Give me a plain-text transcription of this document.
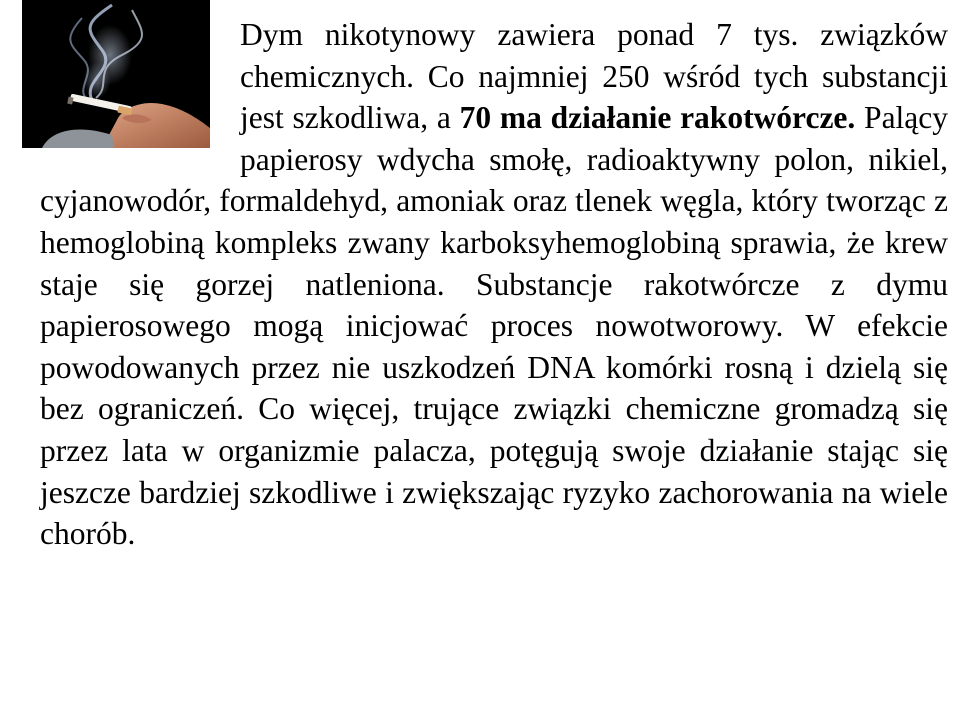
Dym nikotynowy zawiera ponad 7 tys. związków chemicznych. Co najmniej 250 wśród tych substancji jest szkodliwa, a 70 ma działanie rakotwórcze. Palący papierosy wdycha smołę, radioaktywny polon, nikiel, cyjanowodór, formaldehyd, amoniak oraz tlenek węgla, który tworząc z hemoglobiną kompleks zwany karboksyhemoglobiną sprawia, że krew staje się gorzej natleniona. Substancje rakotwórcze z dymu papierosowego mogą inicjować proces nowotworowy. W efekcie powodowanych przez nie uszkodzeń DNA komórki rosną i dzielą się bez ograniczeń. Co więcej, trujące związki chemiczne gromadzą się przez lata w organizmie palacza, potęgują swoje działanie stając się jeszcze bardziej szkodliwe i zwiększając ryzyko zachorowania na wiele chorób.
